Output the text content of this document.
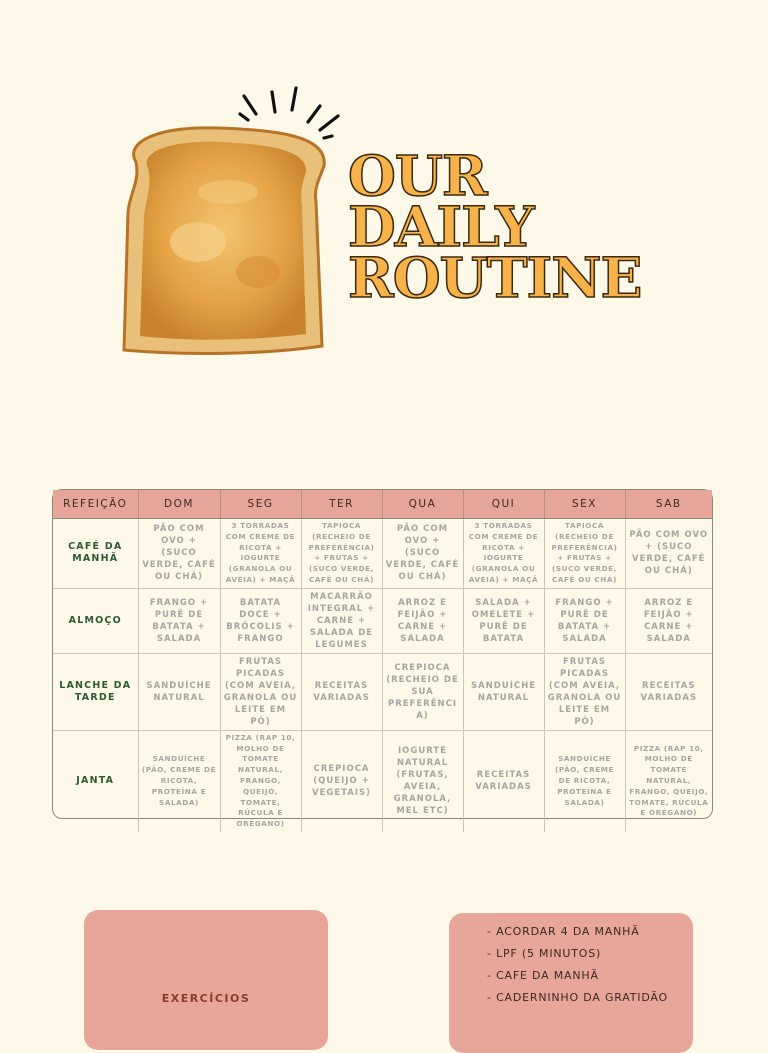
OUR
DAILY
ROUTINE
REFEIÇÃO	DOM	SEG	TER	QUA	QUI	SEX	SAB
CAFÉ DA MANHÃ	PÃO COM OVO + (SUCO VERDE, CAFÉ OU CHÁ)	3 TORRADAS COM CREME DE RICOTA + IOGURTE (GRANOLA OU AVEIA) + MAÇÃ	TAPIOCA (RECHEIO DE PREFERÊNCIA) + FRUTAS + (SUCO VERDE, CAFÉ OU CHÁ)	PÃO COM OVO + (SUCO VERDE, CAFÉ OU CHÁ)	3 TORRADAS COM CREME DE RICOTA + IOGURTE (GRANOLA OU AVEIA) + MAÇÃ	TAPIOCA (RECHEIO DE PREFERÊNCIA) + FRUTAS + (SUCO VERDE, CAFÉ OU CHÁ)	PÃO COM OVO + (SUCO VERDE, CAFÉ OU CHÁ)
ALMOÇO	FRANGO + PURÊ DE BATATA + SALADA	BATATA DOCE + BRÓCOLIS + FRANGO	MACARRÃO INTEGRAL + CARNE + SALADA DE LEGUMES	ARROZ E FEIJÃO + CARNE + SALADA	SALADA + OMELETE + PURÊ DE BATATA	FRANGO + PURÊ DE BATATA + SALADA	ARROZ E FEIJÃO + CARNE + SALADA
LANCHE DA TARDE	SANDUÍCHE NATURAL	FRUTAS PICADAS (COM AVEIA, GRANOLA OU LEITE EM PÓ)	RECEITAS VARIADAS	CREPIOCA (RECHEIO DE SUA PREFERÊNCIA)	SANDUÍCHE NATURAL	FRUTAS PICADAS (COM AVEIA, GRANOLA OU LEITE EM PÓ)	RECEITAS VARIADAS
JANTA	SANDUÍCHE (PÃO, CREME DE RICOTA, PROTEÍNA E SALADA)	PIZZA (RAP 10, MOLHO DE TOMATE NATURAL, FRANGO, QUEIJO, TOMATE, RÚCULA E ORÉGANO)	CREPIOCA (QUEIJO + VEGETAIS)	IOGURTE NATURAL (FRUTAS, AVEIA, GRANOLA, MEL ETC)	RECEITAS VARIADAS	SANDUÍCHE (PÃO, CREME DE RICOTA, PROTEÍNA E SALADA)	PIZZA (RAP 10, MOLHO DE TOMATE NATURAL, FRANGO, QUEIJO, TOMATE, RÚCULA E ORÉGANO)
EXERCÍCIOS
- ACORDAR 4 DA MANHÃ
- LPF (5 MINUTOS)
- CAFE DA MANHÃ
- CADERNINHO DA GRATIDÃO
